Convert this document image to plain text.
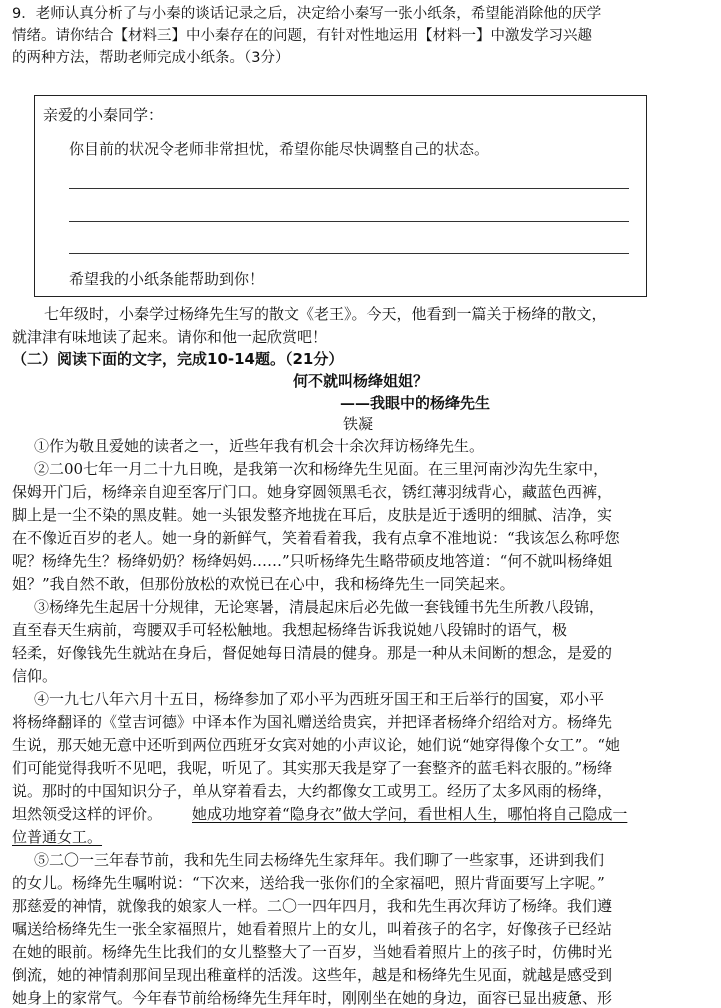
9．老师认真分析了与小秦的谈话记录之后，决定给小秦写一张小纸条，希望能消除他的厌学
情绪。请你结合【材料三】中小秦存在的问题，有针对性地运用【材料一】中激发学习兴趣
的两种方法，帮助老师完成小纸条。（3分）
亲爱的小秦同学：
你目前的状况令老师非常担忧，希望你能尽快调整自己的状态。
希望我的小纸条能帮助到你！
七年级时，小秦学过杨绛先生写的散文《老王》。今天，他看到一篇关于杨绛的散文，
就津津有味地读了起来。请你和他一起欣赏吧！
（二）阅读下面的文字，完成10-14题。（21分）
何不就叫杨绛姐姐？
——我眼中的杨绛先生
铁凝
①作为敬且爱她的读者之一，近些年我有机会十余次拜访杨绛先生。
②二00七年一月二十九日晚，是我第一次和杨绛先生见面。在三里河南沙沟先生家中，
保姆开门后，杨绛亲自迎至客厅门口。她身穿圆领黑毛衣，锈红薄羽绒背心，藏蓝色西裤，
脚上是一尘不染的黑皮鞋。她一头银发整齐地拢在耳后，皮肤是近于透明的细腻、洁净，实
在不像近百岁的老人。她一身的新鲜气，笑着看着我，我有点拿不准地说：“我该怎么称呼您
呢？杨绛先生？杨绛奶奶？杨绛妈妈……”只听杨绛先生略带硕皮地答道：“何不就叫杨绛姐
姐？”我自然不敢，但那份放松的欢悦已在心中，我和杨绛先生一同笑起来。
③杨绛先生起居十分规律，无论寒暑，清晨起床后必先做一套钱锺书先生所教八段锦，
直至春天生病前，弯腰双手可轻松触地。我想起杨绛告诉我说她八段锦时的语气，极
轻柔，好像钱先生就站在身后，督促她每日清晨的健身。那是一种从未间断的想念，是爱的
信仰。
④一九七八年六月十五日，杨绛参加了邓小平为西班牙国王和王后举行的国宴，邓小平
将杨绛翻译的《堂吉诃德》中译本作为国礼赠送给贵宾，并把译者杨绛介绍给对方。杨绛先
生说，那天她无意中还听到两位西班牙女宾对她的小声议论，她们说“她穿得像个女工”。“她
们可能觉得我听不见吧，我呢，听见了。其实那天我是穿了一套整齐的蓝毛料衣服的。”杨绛
说。那时的中国知识分子，单从穿着看去，大约都像女工或男工。经历了太多风雨的杨绛，
坦然领受这样的评价。	她成功地穿着“隐身衣”做大学问，看世相人生，哪怕将自己隐成一
位普通女工。
⑤二〇一三年春节前，我和先生同去杨绛先生家拜年。我们聊了一些家事，还讲到我们
的女儿。杨绛先生嘱咐说：“下次来，送给我一张你们的全家福吧，照片背面要写上字呢。”
那慈爱的神情，就像我的娘家人一样。二〇一四年四月，我和先生再次拜访了杨绛。我们遵
嘱送给杨绛先生一张全家福照片，她看着照片上的女儿，叫着孩子的名字，好像孩子已经站
在她的眼前。杨绛先生比我们的女儿整整大了一百岁，当她看着照片上的孩子时，仿佛时光
倒流，她的神情刹那间呈现出稚童样的活泼。这些年，越是和杨绛先生见面，就越是感受到
她身上的家常气。今年春节前给杨绛先生拜年时，刚刚坐在她的身边，面容已显出疲惫、形
